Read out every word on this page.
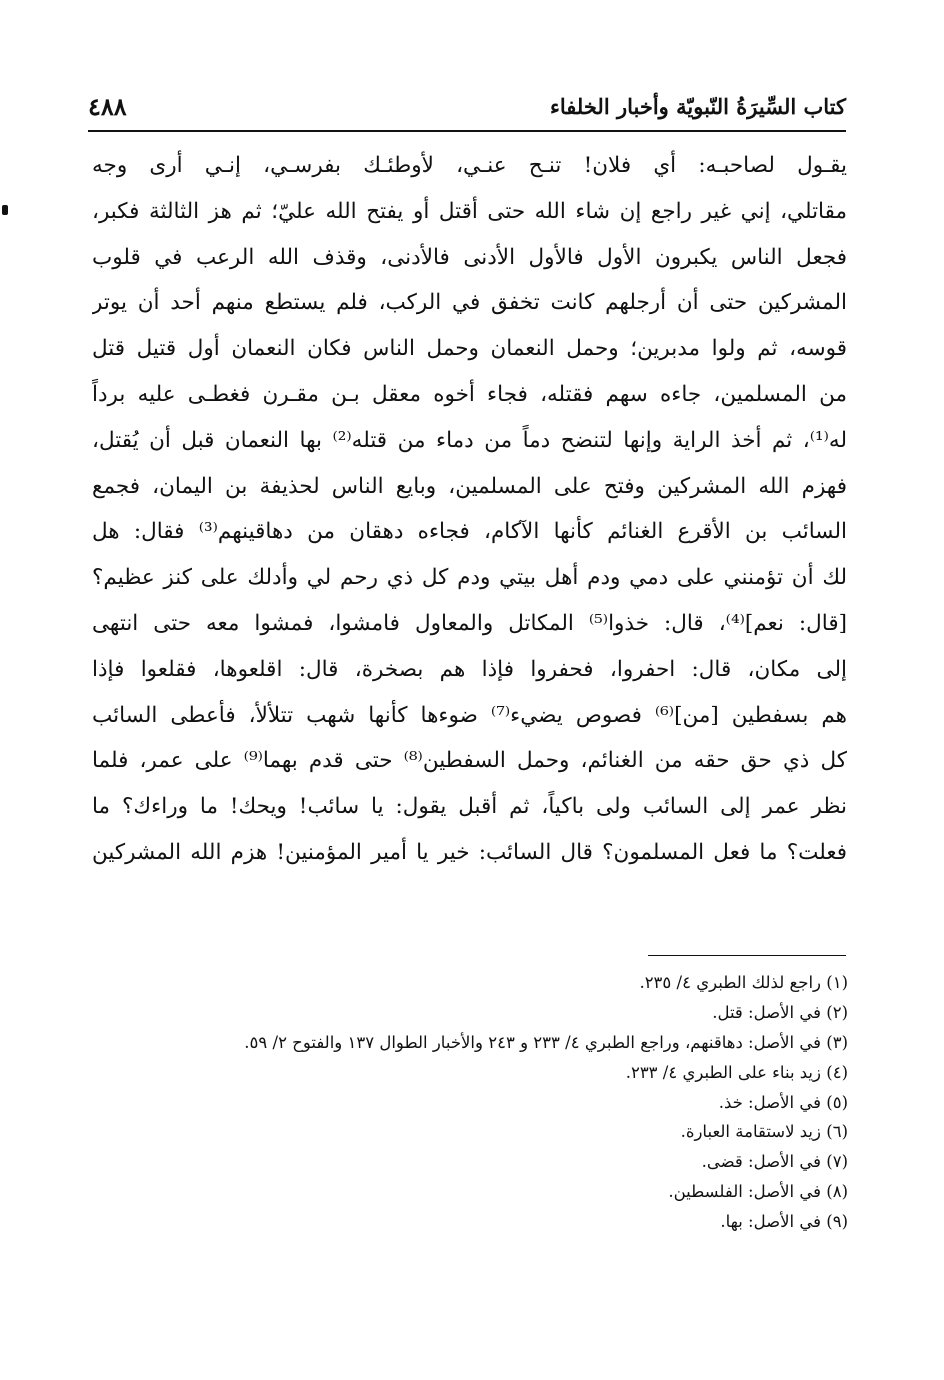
كتاب السِّيرَةُ النّبويّة وأخبار الخلفاء
٤٨٨
يقـول لصاحبـه: أي فلان! تنـح عنـي، لأوطئـك بفرسـي، إنـي أرى وجه
مقاتلي، إني غير راجع إن شاء الله حتى أقتل أو يفتح الله عليّ؛ ثم هز الثالثة فكبر،
فجعل الناس يكبرون الأول فالأول الأدنى فالأدنى، وقذف الله الرعب في قلوب
المشركين حتى أن أرجلهم كانت تخفق في الركب، فلم يستطع منهم أحد أن يوتر
قوسه، ثم ولوا مدبرين؛ وحمل النعمان وحمل الناس فكان النعمان أول قتيل قتل
من المسلمين، جاءه سهم فقتله، فجاء أخوه معقل بـن مقـرن فغطـى عليه برداً
له⁽¹⁾، ثم أخذ الراية وإنها لتنضح دماً من دماء من قتله⁽²⁾ بها النعمان قبل أن يُقتل،
فهزم الله المشركين وفتح على المسلمين، وبايع الناس لحذيفة بن اليمان، فجمع
السائب بن الأقرع الغنائم كأنها الآكام، فجاءه دهقان من دهاقينهم⁽³⁾ فقال: هل
لك أن تؤمنني على دمي ودم أهل بيتي ودم كل ذي رحم لي وأدلك على كنز عظيم؟
[قال: نعم]⁽⁴⁾، قال: خذوا⁽⁵⁾ المكاتل والمعاول فامشوا، فمشوا معه حتى انتهى
إلى مكان، قال: احفروا، فحفروا فإذا هم بصخرة، قال: اقلعوها، فقلعوا فإذا
هم بسفطين [من]⁽⁶⁾ فصوص يضيء⁽⁷⁾ ضوءها كأنها شهب تتلألأ، فأعطى السائب
كل ذي حق حقه من الغنائم، وحمل السفطين⁽⁸⁾ حتى قدم بهما⁽⁹⁾ على عمر، فلما
نظر عمر إلى السائب ولى باكياً، ثم أقبل يقول: يا سائب! ويحك! ما وراءك؟ ما
فعلت؟ ما فعل المسلمون؟ قال السائب: خير يا أمير المؤمنين! هزم الله المشركين
(١) راجع لذلك الطبري ٤/ ٢٣٥.
(٢) في الأصل: قتل.
(٣) في الأصل: دهاقنهم، وراجع الطبري ٤/ ٢٣٣ و ٢٤٣ والأخبار الطوال ١٣٧ والفتوح ٢/ ٥٩.
(٤) زيد بناء على الطبري ٤/ ٢٣٣.
(٥) في الأصل: خذ.
(٦) زيد لاستقامة العبارة.
(٧) في الأصل: قضى.
(٨) في الأصل: الفلسطين.
(٩) في الأصل: بها.
